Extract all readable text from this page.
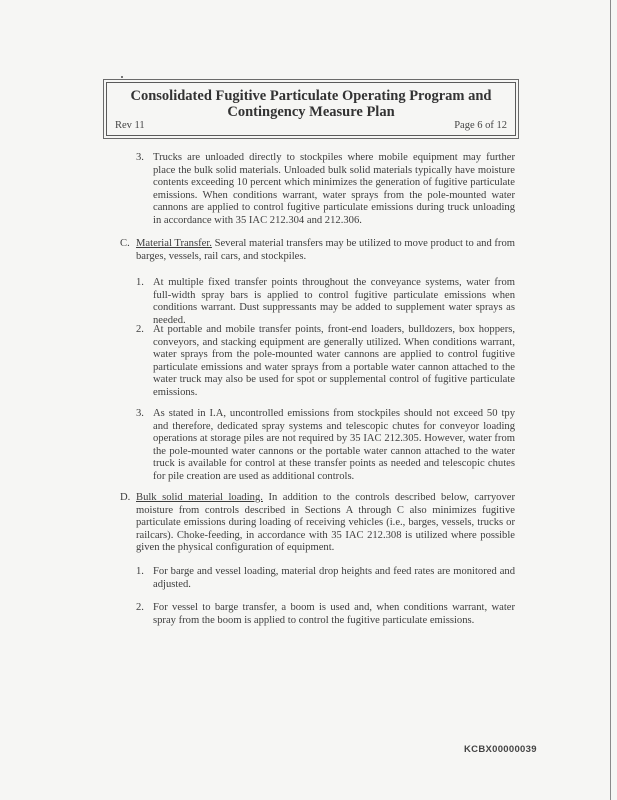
Consolidated Fugitive Particulate Operating Program and
Contingency Measure Plan
Rev 11	Page 6 of 12
3. Trucks are unloaded directly to stockpiles where mobile equipment may further place the bulk solid materials. Unloaded bulk solid materials typically have moisture contents exceeding 10 percent which minimizes the generation of fugitive particulate emissions. When conditions warrant, water sprays from the pole-mounted water cannons are applied to control fugitive particulate emissions during truck unloading in accordance with 35 IAC 212.304 and 212.306.
C. Material Transfer. Several material transfers may be utilized to move product to and from barges, vessels, rail cars, and stockpiles.
1. At multiple fixed transfer points throughout the conveyance systems, water from full-width spray bars is applied to control fugitive particulate emissions when conditions warrant. Dust suppressants may be added to supplement water sprays as needed.
2. At portable and mobile transfer points, front-end loaders, bulldozers, box hoppers, conveyors, and stacking equipment are generally utilized. When conditions warrant, water sprays from the pole-mounted water cannons are applied to control fugitive particulate emissions and water sprays from a portable water cannon attached to the water truck may also be used for spot or supplemental control of fugitive particulate emissions.
3. As stated in I.A, uncontrolled emissions from stockpiles should not exceed 50 tpy and therefore, dedicated spray systems and telescopic chutes for conveyor loading operations at storage piles are not required by 35 IAC 212.305. However, water from the pole-mounted water cannons or the portable water cannon attached to the water truck is available for control at these transfer points as needed and telescopic chutes for pile creation are used as additional controls.
D. Bulk solid material loading. In addition to the controls described below, carryover moisture from controls described in Sections A through C also minimizes fugitive particulate emissions during loading of receiving vehicles (i.e., barges, vessels, trucks or railcars). Choke-feeding, in accordance with 35 IAC 212.308 is utilized where possible given the physical configuration of equipment.
1. For barge and vessel loading, material drop heights and feed rates are monitored and adjusted.
2. For vessel to barge transfer, a boom is used and, when conditions warrant, water spray from the boom is applied to control the fugitive particulate emissions.
KCBX00000039
